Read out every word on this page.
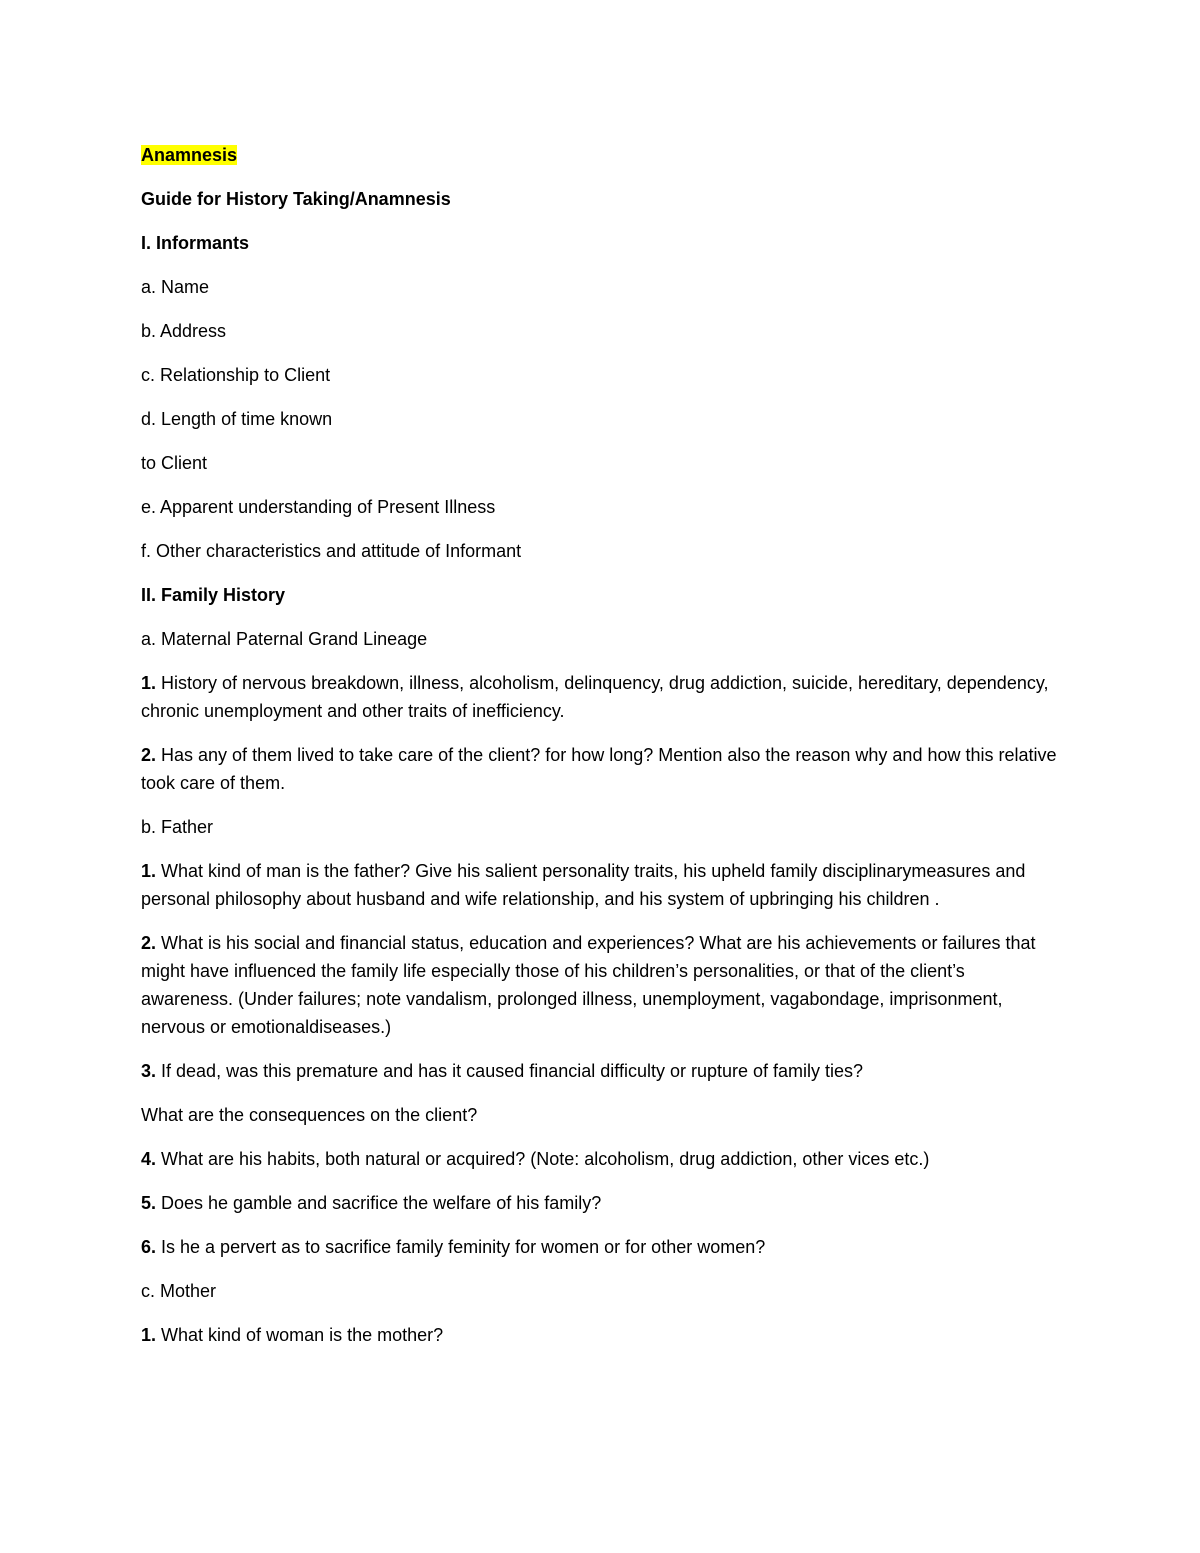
Anamnesis

Guide for History Taking/Anamnesis

I. Informants

a. Name

b. Address

c. Relationship to Client

d. Length of time known

to Client

e. Apparent understanding of Present Illness

f. Other characteristics and attitude of Informant

II. Family History

a. Maternal Paternal Grand Lineage

1. History of nervous breakdown, illness, alcoholism, delinquency, drug addiction, suicide, hereditary, dependency, chronic unemployment and other traits of inefficiency.

2. Has any of them lived to take care of the client? for how long? Mention also the reason why and how this relative took care of them.

b. Father

1. What kind of man is the father? Give his salient personality traits, his upheld family disciplinarymeasures and personal philosophy about husband and wife relationship, and his system of upbringing his children .

2. What is his social and financial status, education and experiences? What are his achievements or failures that might have influenced the family life especially those of his children’s personalities, or that of the client’s awareness. (Under failures; note vandalism, prolonged illness, unemployment, vagabondage, imprisonment, nervous or emotionaldiseases.)

3. If dead, was this premature and has it caused financial difficulty or rupture of family ties?

What are the consequences on the client?

4. What are his habits, both natural or acquired? (Note: alcoholism, drug addiction, other vices etc.)

5. Does he gamble and sacrifice the welfare of his family?

6. Is he a pervert as to sacrifice family feminity for women or for other women?

c. Mother

1. What kind of woman is the mother?
